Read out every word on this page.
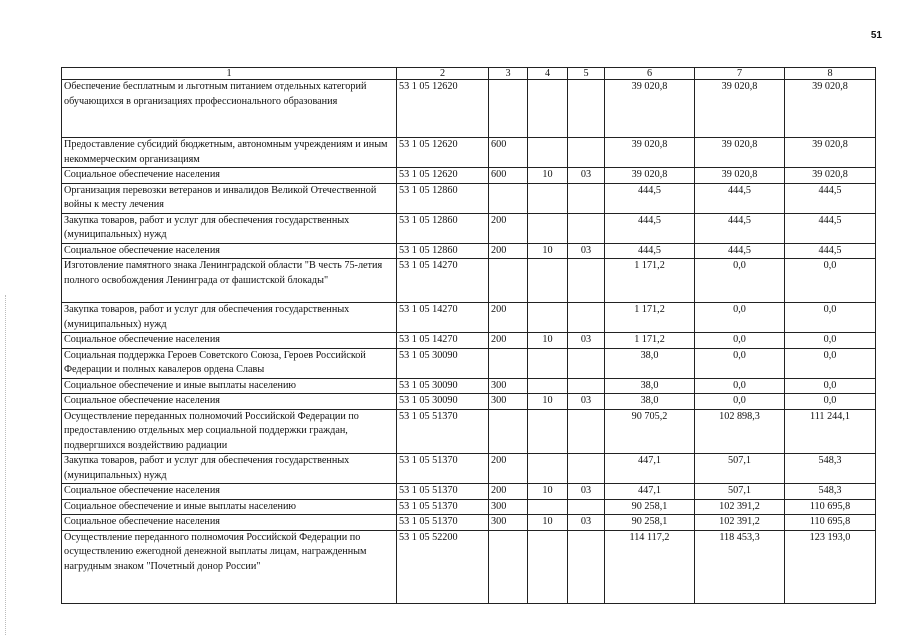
51
1	2	3	4	5	6	7	8
Обеспечение бесплатным и льготным питанием отдельных категорий обучающихся в организациях профессионального образования	53 1 05 12620				39 020,8	39 020,8	39 020,8
Предоставление субсидий бюджетным, автономным учреждениям и иным некоммерческим организациям	53 1 05 12620	600			39 020,8	39 020,8	39 020,8
Социальное обеспечение населения	53 1 05 12620	600	10	03	39 020,8	39 020,8	39 020,8
Организация перевозки ветеранов и инвалидов Великой Отечественной войны к месту лечения	53 1 05 12860				444,5	444,5	444,5
Закупка товаров, работ и услуг для обеспечения государственных (муниципальных) нужд	53 1 05 12860	200			444,5	444,5	444,5
Социальное обеспечение населения	53 1 05 12860	200	10	03	444,5	444,5	444,5
Изготовление памятного знака Ленинградской области "В честь 75-летия полного освобождения Ленинграда от фашистской блокады"	53 1 05 14270				1 171,2	0,0	0,0
Закупка товаров, работ и услуг для обеспечения государственных (муниципальных) нужд	53 1 05 14270	200			1 171,2	0,0	0,0
Социальное обеспечение населения	53 1 05 14270	200	10	03	1 171,2	0,0	0,0
Социальная поддержка Героев Советского Союза, Героев Российской Федерации и полных кавалеров ордена Славы	53 1 05 30090				38,0	0,0	0,0
Социальное обеспечение и иные выплаты населению	53 1 05 30090	300			38,0	0,0	0,0
Социальное обеспечение населения	53 1 05 30090	300	10	03	38,0	0,0	0,0
Осуществление переданных полномочий Российской Федерации по предоставлению отдельных мер социальной поддержки граждан, подвергшихся воздействию радиации	53 1 05 51370				90 705,2	102 898,3	111 244,1
Закупка товаров, работ и услуг для обеспечения государственных (муниципальных) нужд	53 1 05 51370	200			447,1	507,1	548,3
Социальное обеспечение населения	53 1 05 51370	200	10	03	447,1	507,1	548,3
Социальное обеспечение и иные выплаты населению	53 1 05 51370	300			90 258,1	102 391,2	110 695,8
Социальное обеспечение населения	53 1 05 51370	300	10	03	90 258,1	102 391,2	110 695,8
Осуществление переданного полномочия Российской Федерации по осуществлению ежегодной денежной выплаты лицам, награжденным нагрудным знаком "Почетный донор России"	53 1 05 52200				114 117,2	118 453,3	123 193,0
